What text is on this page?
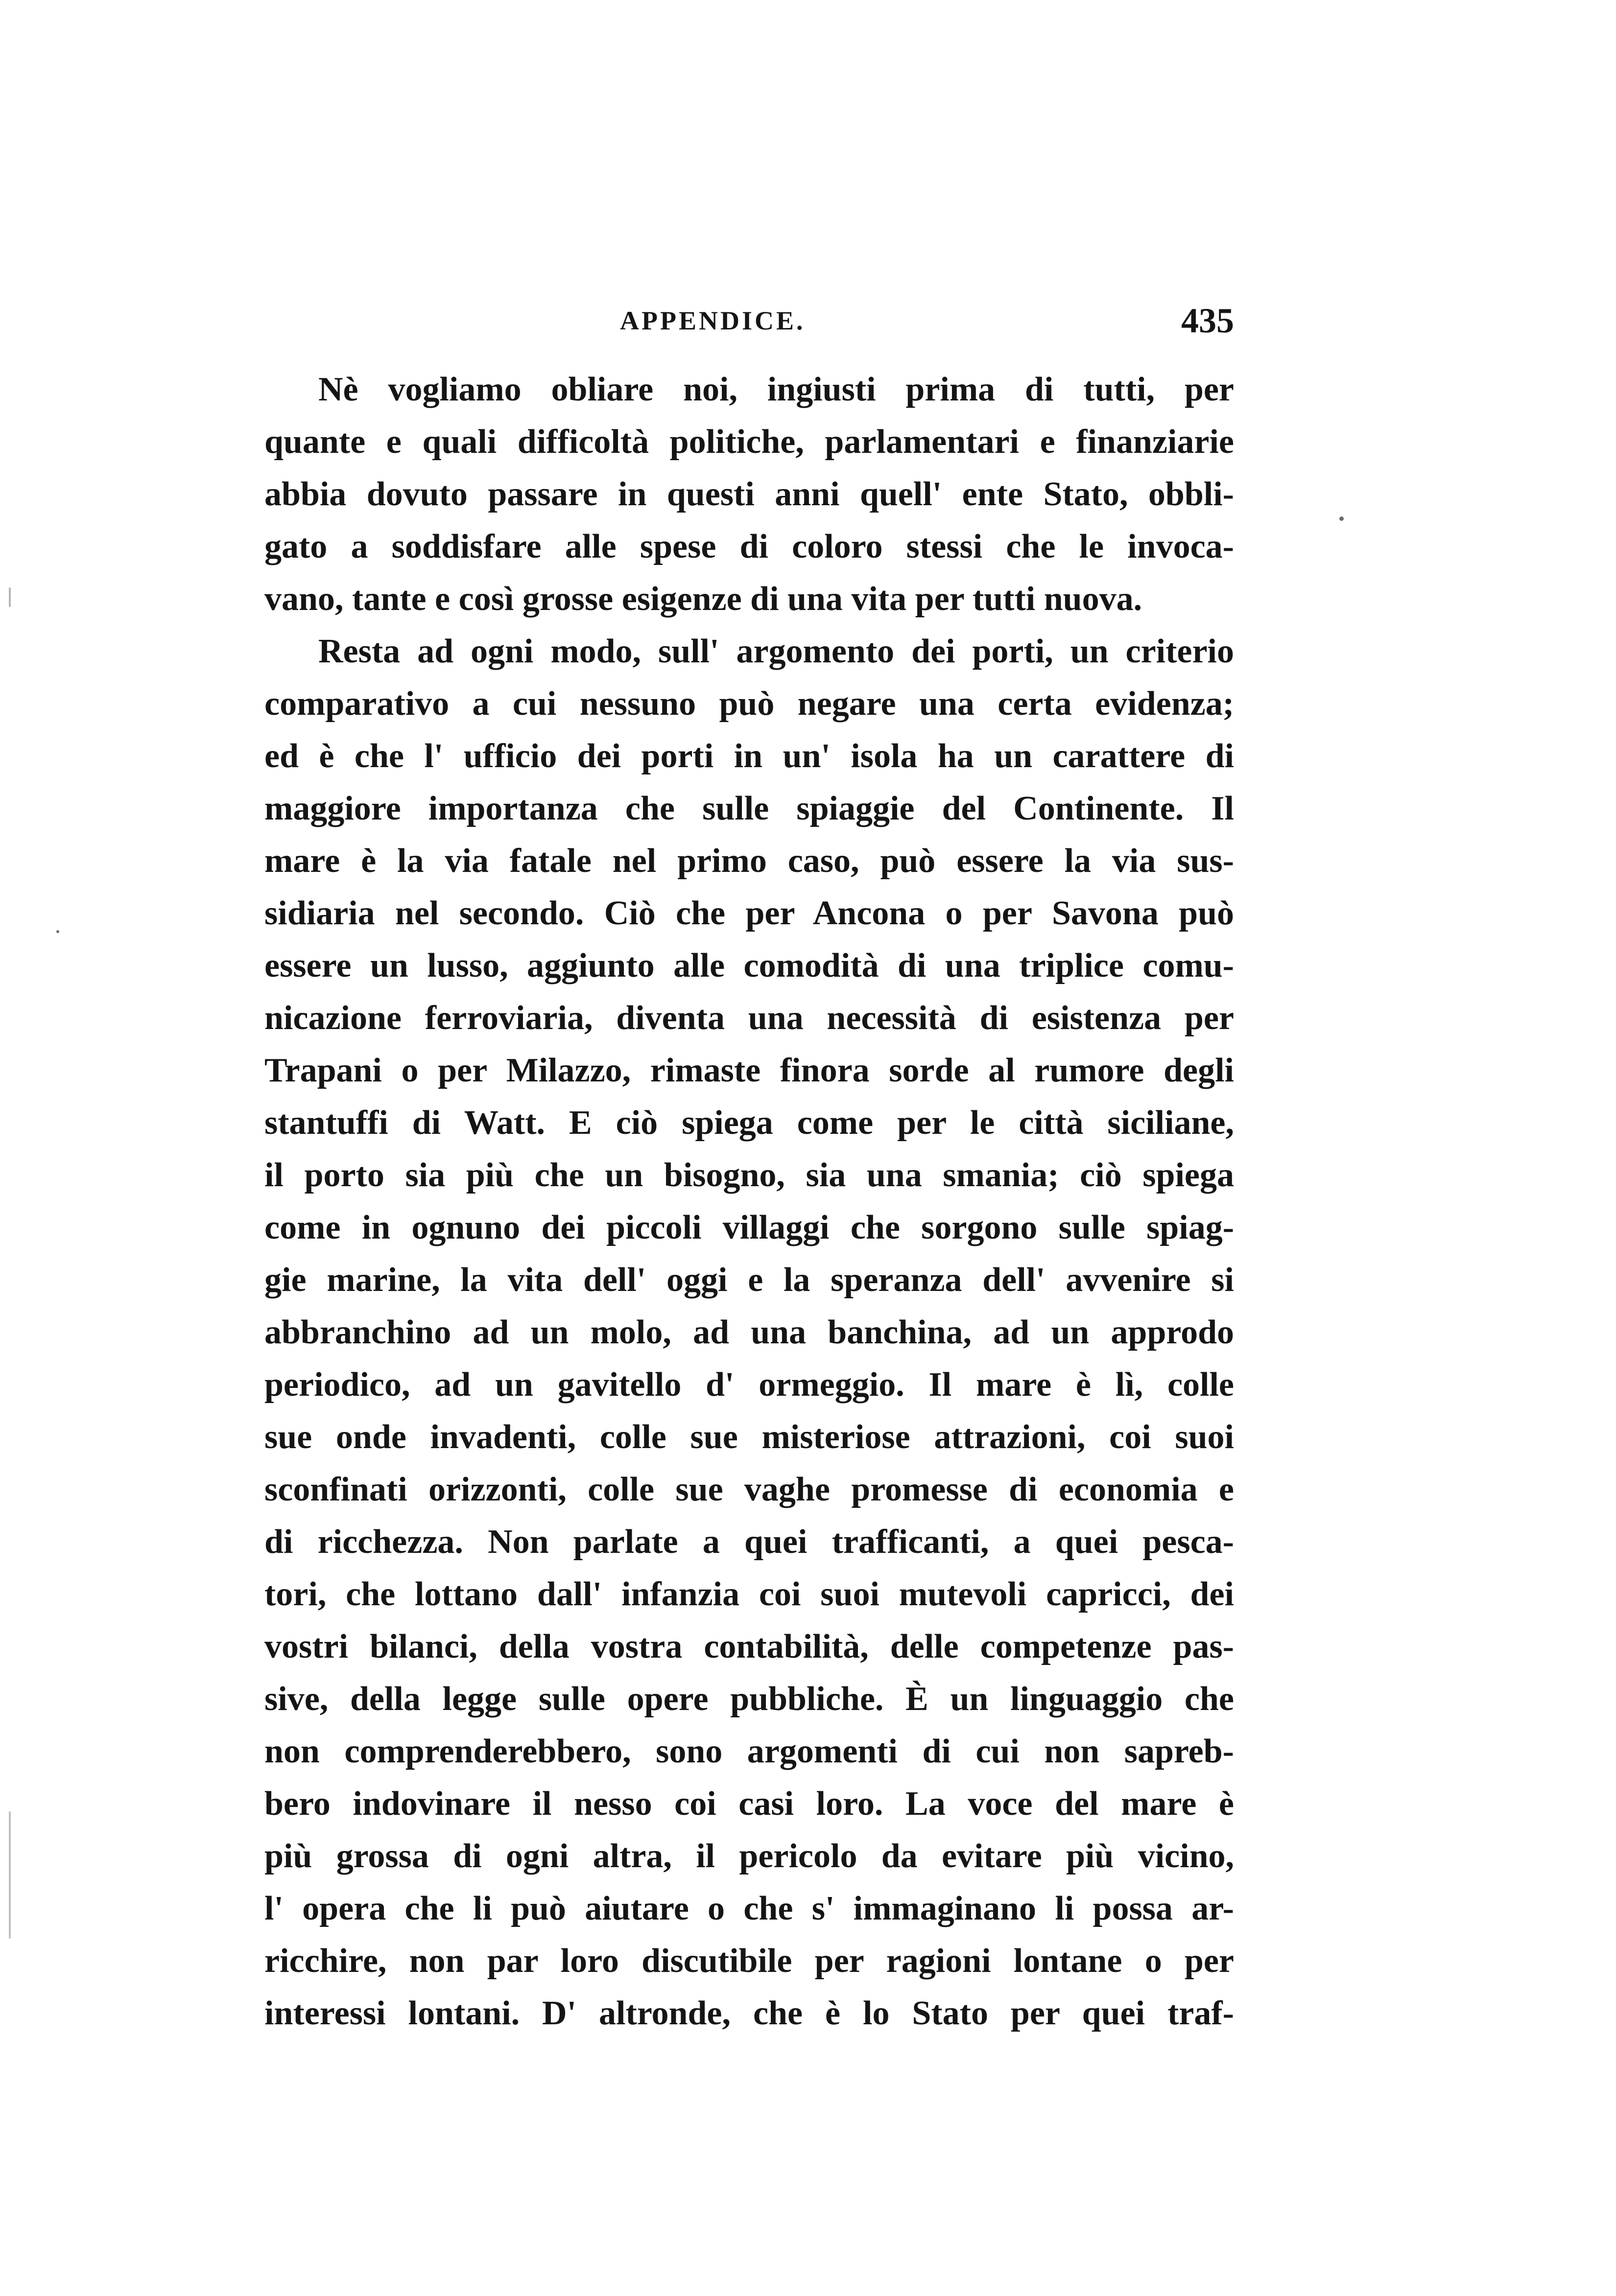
APPENDICE.	435
Nè vogliamo obliare noi, ingiusti prima di tutti, per
quante e quali difficoltà politiche, parlamentari e finanziarie
abbia dovuto passare in questi anni quell' ente Stato, obbli-
gato a soddisfare alle spese di coloro stessi che le invoca-
vano, tante e così grosse esigenze di una vita per tutti nuova.
Resta ad ogni modo, sull' argomento dei porti, un criterio
comparativo a cui nessuno può negare una certa evidenza;
ed è che l' ufficio dei porti in un' isola ha un carattere di
maggiore importanza che sulle spiaggie del Continente. Il
mare è la via fatale nel primo caso, può essere la via sus-
sidiaria nel secondo. Ciò che per Ancona o per Savona può
essere un lusso, aggiunto alle comodità di una triplice comu-
nicazione ferroviaria, diventa una necessità di esistenza per
Trapani o per Milazzo, rimaste finora sorde al rumore degli
stantuffi di Watt. E ciò spiega come per le città siciliane,
il porto sia più che un bisogno, sia una smania; ciò spiega
come in ognuno dei piccoli villaggi che sorgono sulle spiag-
gie marine, la vita dell' oggi e la speranza dell' avvenire si
abbranchino ad un molo, ad una banchina, ad un approdo
periodico, ad un gavitello d' ormeggio. Il mare è lì, colle
sue onde invadenti, colle sue misteriose attrazioni, coi suoi
sconfinati orizzonti, colle sue vaghe promesse di economia e
di ricchezza. Non parlate a quei trafficanti, a quei pesca-
tori, che lottano dall' infanzia coi suoi mutevoli capricci, dei
vostri bilanci, della vostra contabilità, delle competenze pas-
sive, della legge sulle opere pubbliche. È un linguaggio che
non comprenderebbero, sono argomenti di cui non sapreb-
bero indovinare il nesso coi casi loro. La voce del mare è
più grossa di ogni altra, il pericolo da evitare più vicino,
l' opera che li può aiutare o che s' immaginano li possa ar-
ricchire, non par loro discutibile per ragioni lontane o per
interessi lontani. D' altronde, che è lo Stato per quei traf-
